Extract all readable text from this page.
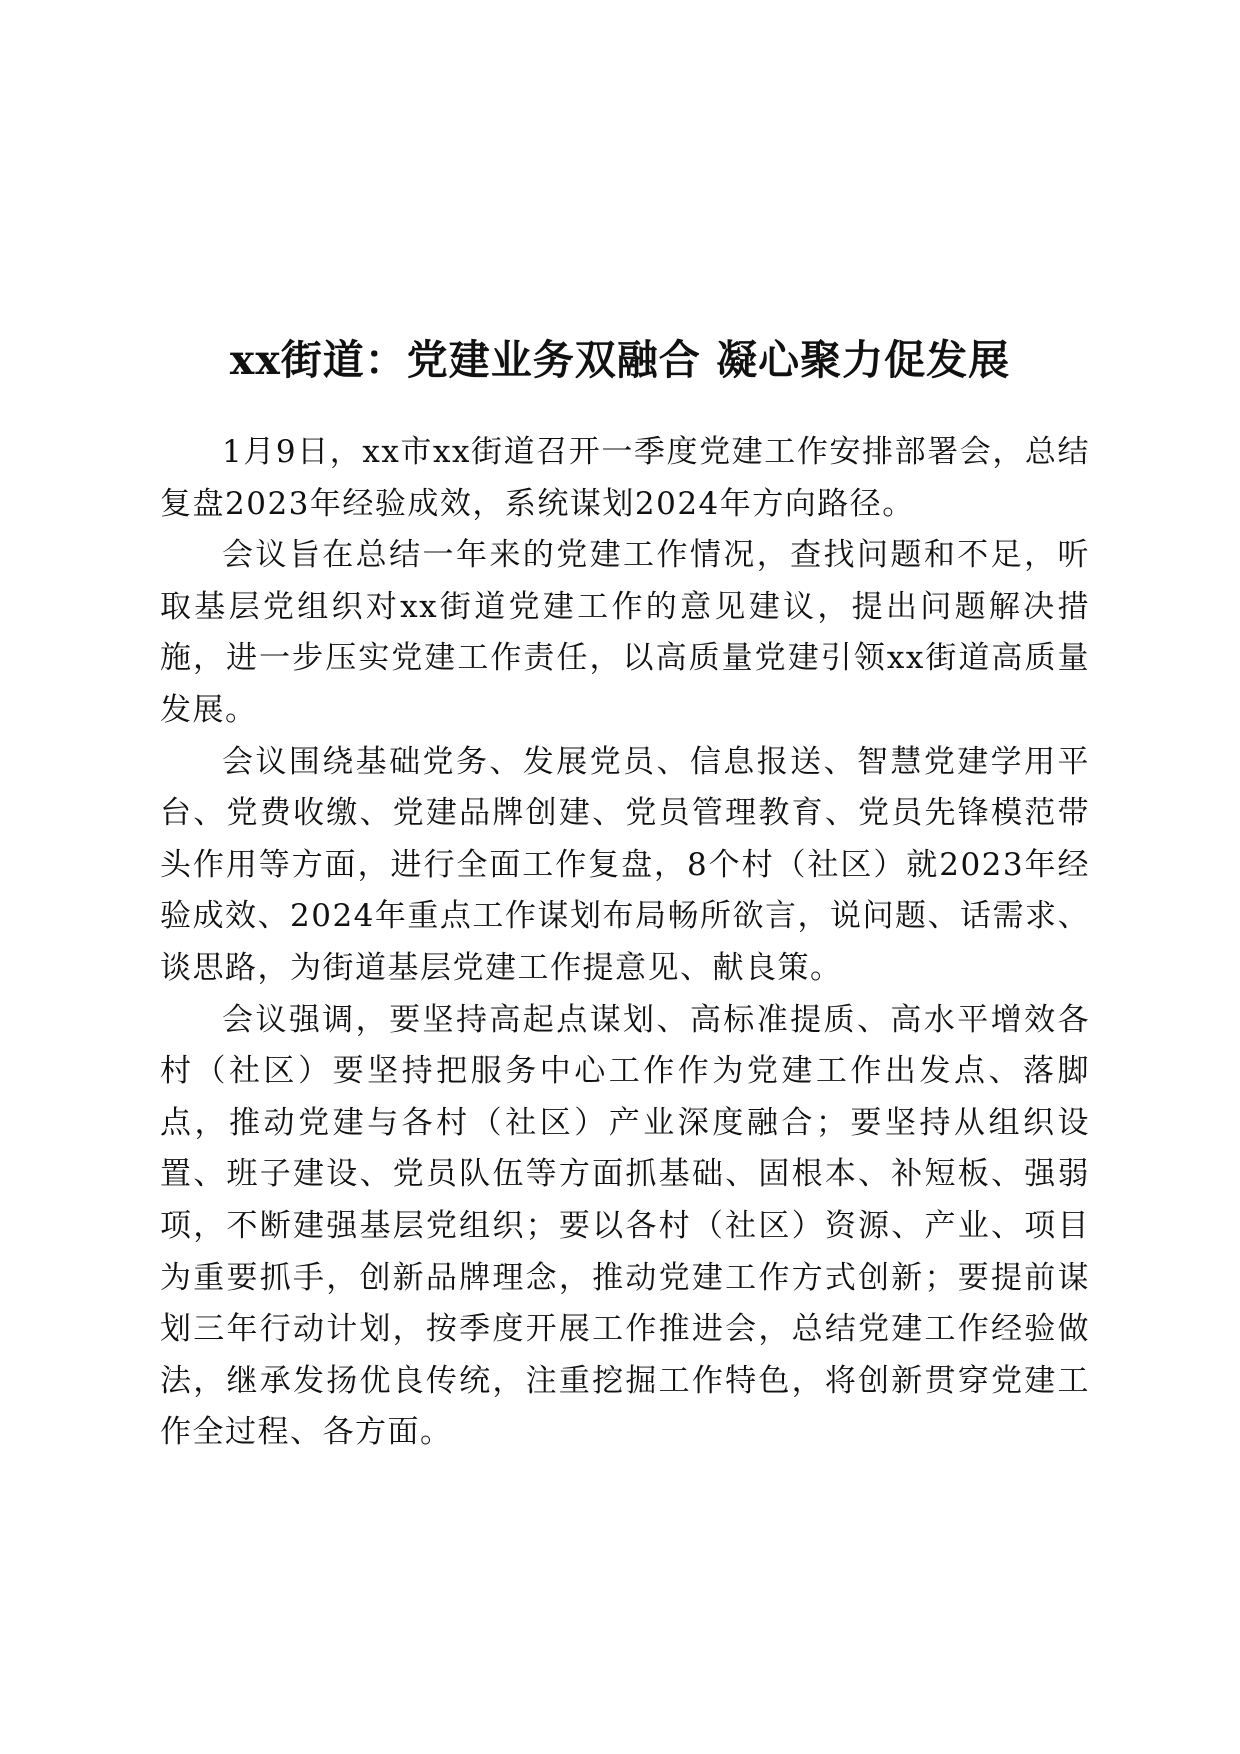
xx街道：党建业务双融合 凝心聚力促发展

1月9日，xx市xx街道召开一季度党建工作安排部署会，总结复盘2023年经验成效，系统谋划2024年方向路径。

会议旨在总结一年来的党建工作情况，查找问题和不足，听取基层党组织对xx街道党建工作的意见建议，提出问题解决措施，进一步压实党建工作责任，以高质量党建引领xx街道高质量发展。

会议围绕基础党务、发展党员、信息报送、智慧党建学用平台、党费收缴、党建品牌创建、党员管理教育、党员先锋模范带头作用等方面，进行全面工作复盘，8个村（社区）就2023年经验成效、2024年重点工作谋划布局畅所欲言，说问题、话需求、谈思路，为街道基层党建工作提意见、献良策。

会议强调，要坚持高起点谋划、高标准提质、高水平增效各村（社区）要坚持把服务中心工作作为党建工作出发点、落脚点，推动党建与各村（社区）产业深度融合；要坚持从组织设置、班子建设、党员队伍等方面抓基础、固根本、补短板、强弱项，不断建强基层党组织；要以各村（社区）资源、产业、项目为重要抓手，创新品牌理念，推动党建工作方式创新；要提前谋划三年行动计划，按季度开展工作推进会，总结党建工作经验做法，继承发扬优良传统，注重挖掘工作特色，将创新贯穿党建工作全过程、各方面。
